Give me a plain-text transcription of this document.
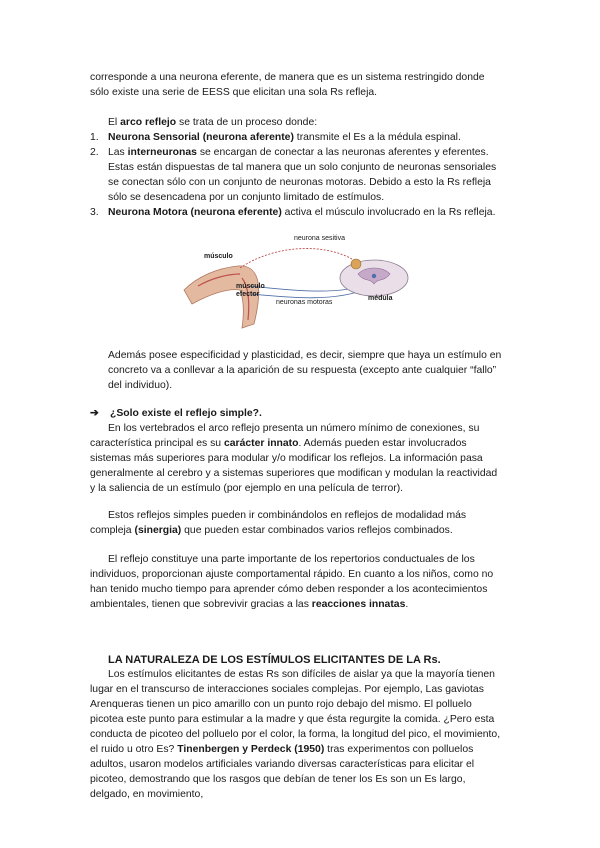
corresponde a una neurona eferente, de manera que es un sistema restringido donde sólo existe una serie de EESS que elicitan una sola Rs refleja.

El arco reflejo se trata de un proceso donde:

1. Neurona Sensorial (neurona aferente) transmite el Es a la médula espinal.
2. Las interneuronas se encargan de conectar a las neuronas aferentes y eferentes. Estas están dispuestas de tal manera que un solo conjunto de neuronas sensoriales se conectan sólo con un conjunto de neuronas motoras. Debido a esto la Rs refleja sólo se desencadena por un conjunto limitado de estímulos.
3. Neurona Motora (neurona eferente) activa el músculo involucrado en la Rs refleja.
neurona sesitiva
músculo
músculo
efector
neuronas motoras
médula

Además posee especificidad y plasticidad, es decir, siempre que haya un estímulo en concreto va a conllevar a la aparición de su respuesta (excepto ante cualquier “fallo” del individuo).

➔ ¿Solo existe el reflejo simple?.

En los vertebrados el arco reflejo presenta un número mínimo de conexiones, su característica principal es su carácter innato. Además pueden estar involucrados sistemas más superiores para modular y/o modificar los reflejos. La información pasa generalmente al cerebro y a sistemas superiores que modifican y modulan la reactividad y la saliencia de un estímulo (por ejemplo en una película de terror).

Estos reflejos simples pueden ir combinándolos en reflejos de modalidad más compleja (sinergia) que pueden estar combinados varios reflejos combinados.

El reflejo constituye una parte importante de los repertorios conductuales de los individuos, proporcionan ajuste comportamental rápido. En cuanto a los niños, como no han tenido mucho tiempo para aprender cómo deben responder a los acontecimientos ambientales, tienen que sobrevivir gracias a las reacciones innatas.

LA NATURALEZA DE LOS ESTÍMULOS ELICITANTES DE LA Rs.

Los estímulos elicitantes de estas Rs son difíciles de aislar ya que la mayoría tienen lugar en el transcurso de interacciones sociales complejas. Por ejemplo, Las gaviotas Arenqueras tienen un pico amarillo con un punto rojo debajo del mismo. El polluelo picotea este punto para estimular a la madre y que ésta regurgite la comida. ¿Pero esta conducta de picoteo del polluelo por el color, la forma, la longitud del pico, el movimiento, el ruido u otro Es? Tinenbergen y Perdeck (1950) tras experimentos con polluelos adultos, usaron modelos artificiales variando diversas características para elicitar el picoteo, demostrando que los rasgos que debían de tener los Es son un Es largo, delgado, en movimiento,
